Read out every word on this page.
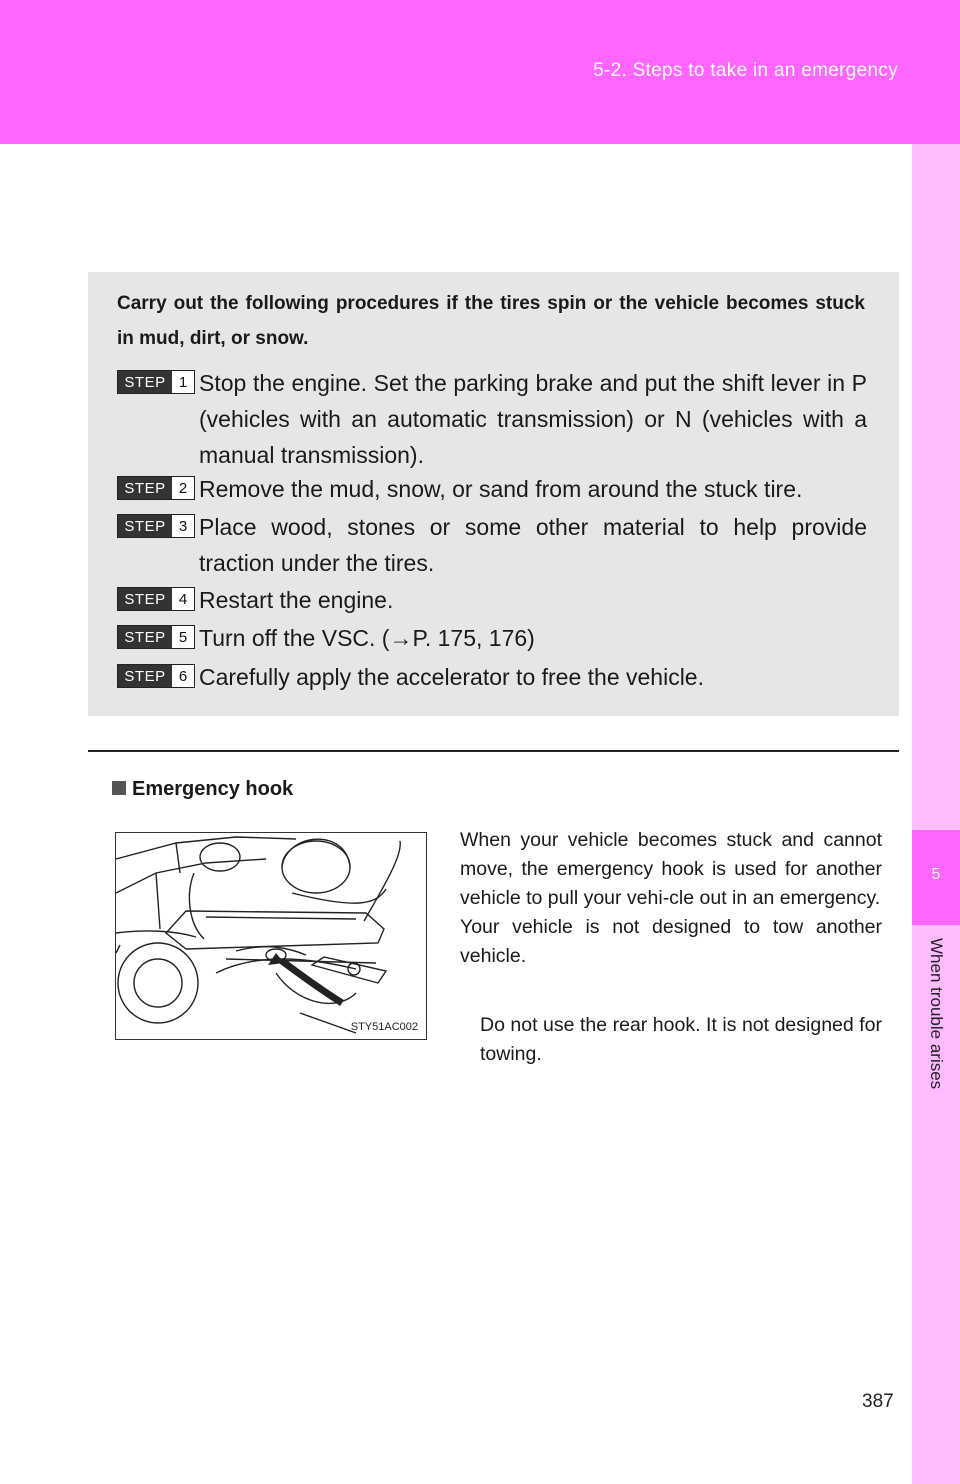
5-2. Steps to take in an emergency
5
When trouble arises
Carry out the following procedures if the tires spin or the vehicle becomes stuck in mud, dirt, or snow.
STEP 1 Stop the engine. Set the parking brake and put the shift lever in P (vehicles with an automatic transmission) or N (vehicles with a manual transmission).
STEP 2 Remove the mud, snow, or sand from around the stuck tire.
STEP 3 Place wood, stones or some other material to help provide traction under the tires.
STEP 4 Restart the engine.
STEP 5 Turn off the VSC. (→P. 175, 176)
STEP 6 Carefully apply the accelerator to free the vehicle.
Emergency hook
STY51AC002
When your vehicle becomes stuck and cannot move, the emergency hook is used for another vehicle to pull your vehi-cle out in an emergency.
Your vehicle is not designed to tow another vehicle.
Do not use the rear hook. It is not designed for towing.
387
